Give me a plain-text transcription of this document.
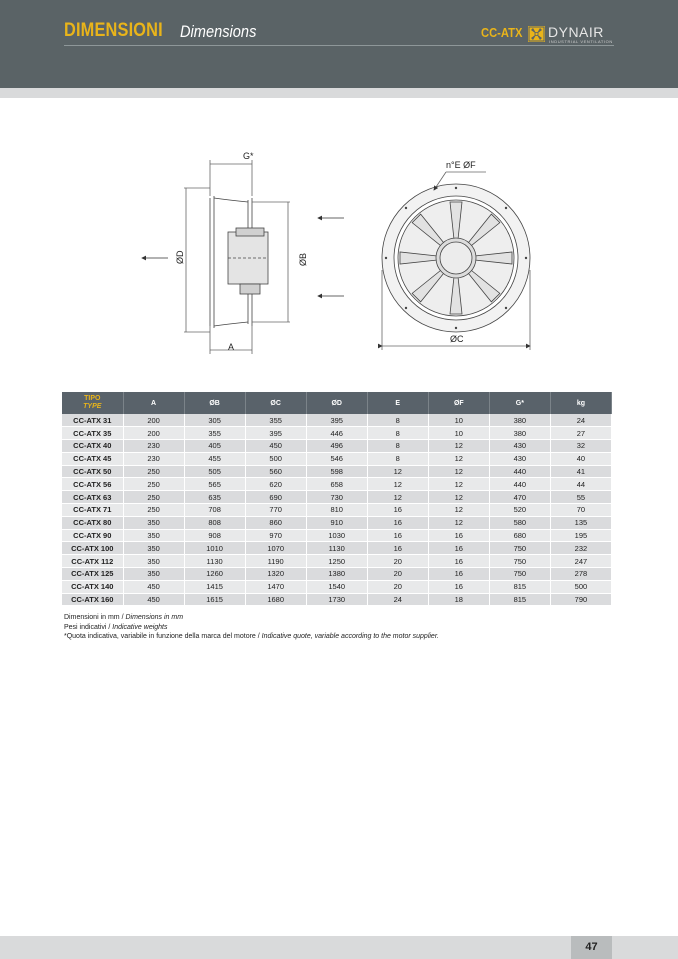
DIMENSIONI Dimensions	CC-ATX DYNAIR
INDUSTRIAL VENTILATION
G*
ØD	ØB
A
n°E ØF
ØC
TIPO
TYPE	A	ØB	ØC	ØD	E	ØF	G*	kg
CC-ATX 31	200	305	355	395	8	10	380	24
CC-ATX 35	200	355	395	446	8	10	380	27
CC-ATX 40	230	405	450	496	8	12	430	32
CC-ATX 45	230	455	500	546	8	12	430	40
CC-ATX 50	250	505	560	598	12	12	440	41
CC-ATX 56	250	565	620	658	12	12	440	44
CC-ATX 63	250	635	690	730	12	12	470	55
CC-ATX 71	250	708	770	810	16	12	520	70
CC-ATX 80	350	808	860	910	16	12	580	135
CC-ATX 90	350	908	970	1030	16	16	680	195
CC-ATX 100	350	1010	1070	1130	16	16	750	232
CC-ATX 112	350	1130	1190	1250	20	16	750	247
CC-ATX 125	350	1260	1320	1380	20	16	750	278
CC-ATX 140	450	1415	1470	1540	20	16	815	500
CC-ATX 160	450	1615	1680	1730	24	18	815	790
Dimensioni in mm / Dimensions in mm
Pesi indicativi / Indicative weights
*Quota indicativa, variabile in funzione della marca del motore / Indicative quote, variable according to the motor supplier.
47
